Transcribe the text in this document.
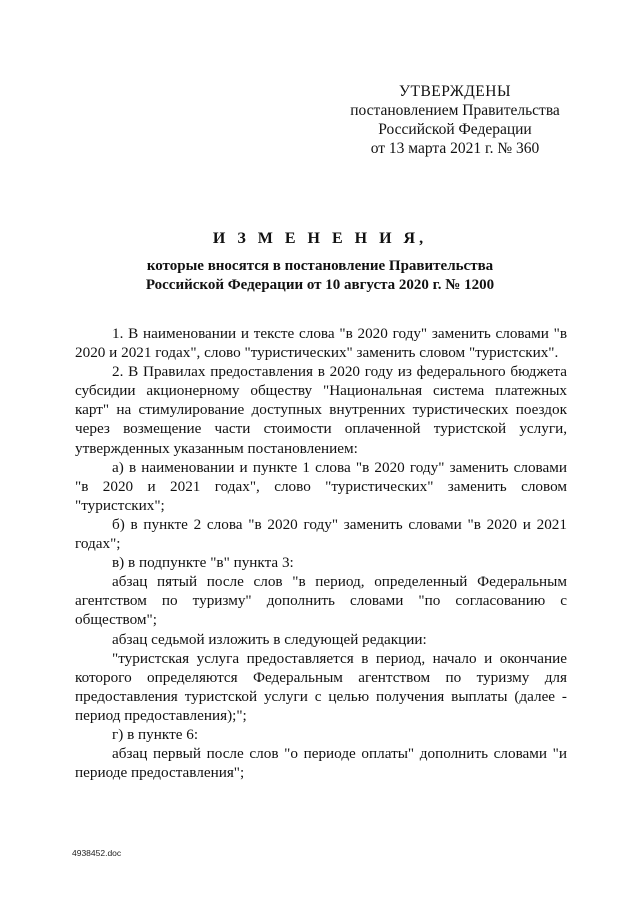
УТВЕРЖДЕНЫ
постановлением Правительства
Российской Федерации
от 13 марта 2021 г. № 360
И З М Е Н Е Н И Я,
которые вносятся в постановление Правительства
Российской Федерации от 10 августа 2020 г. № 1200

1. В наименовании и тексте слова "в 2020 году" заменить словами "в 2020 и 2021 годах", слово "туристических" заменить словом "туристских".

2. В Правилах предоставления в 2020 году из федерального бюджета субсидии акционерному обществу "Национальная система платежных карт" на стимулирование доступных внутренних туристических поездок через возмещение части стоимости оплаченной туристской услуги, утвержденных указанным постановлением:

а) в наименовании и пункте 1 слова "в 2020 году" заменить словами "в 2020 и 2021 годах", слово "туристических" заменить словом "туристских";

б) в пункте 2 слова "в 2020 году" заменить словами "в 2020 и 2021 годах";

в) в подпункте "в" пункта 3:

абзац пятый после слов "в период, определенный Федеральным агентством по туризму" дополнить словами "по согласованию с обществом";

абзац седьмой изложить в следующей редакции:

"туристская услуга предоставляется в период, начало и окончание которого определяются Федеральным агентством по туризму для предоставления туристской услуги с целью получения выплаты (далее - период предоставления);";

г) в пункте 6:

абзац первый после слов "о периоде оплаты" дополнить словами "и периоде предоставления";

4938452.doc
